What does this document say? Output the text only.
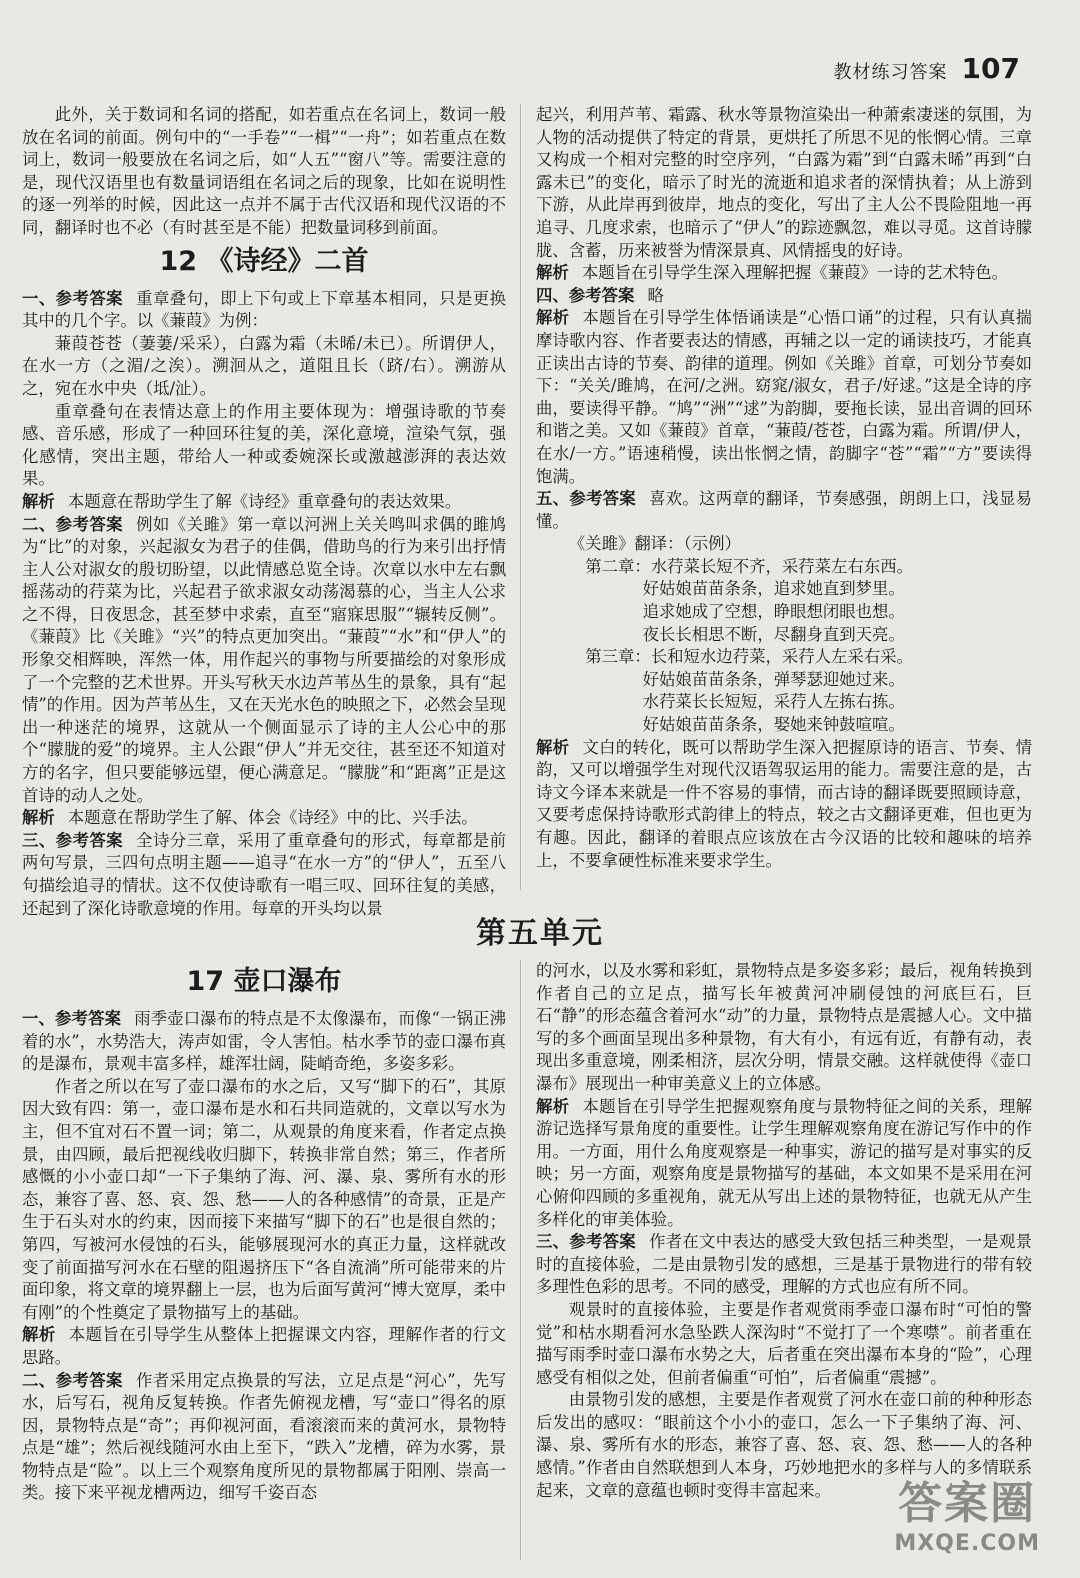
教材练习答案 107

此外，关于数词和名词的搭配，如若重点在名词上，数词一般放在名词的前面。例句中的“一手卷”“一楫”“一舟”；如若重点在数词上，数词一般要放在名词之后，如“人五”“窗八”等。需要注意的是，现代汉语里也有数量词语组在名词之后的现象，比如在说明性的逐一列举的时候，因此这一点并不属于古代汉语和现代汉语的不同，翻译时也不必（有时甚至是不能）把数量词移到前面。

12 《诗经》二首

一、参考答案 重章叠句，即上下句或上下章基本相同，只是更换其中的几个字。以《蒹葭》为例：

蒹葭苍苍（萋萋/采采），白露为霜（未晞/未已）。所谓伊人，在水一方（之湄/之涘）。溯洄从之，道阻且长（跻/右）。溯游从之，宛在水中央（坻/沚）。

重章叠句在表情达意上的作用主要体现为：增强诗歌的节奏感、音乐感，形成了一种回环往复的美，深化意境，渲染气氛，强化感情，突出主题，带给人一种或委婉深长或激越澎湃的表达效果。

解析 本题意在帮助学生了解《诗经》重章叠句的表达效果。

二、参考答案 例如《关雎》第一章以河洲上关关鸣叫求偶的雎鸠为“比”的对象，兴起淑女为君子的佳偶，借助鸟的行为来引出抒情主人公对淑女的殷切盼望，以此情感总览全诗。次章以水中左右飘摇荡动的荇菜为比，兴起君子欲求淑女动荡渴慕的心，当主人公求之不得，日夜思念，甚至梦中求索，直至“寤寐思服”“辗转反侧”。《蒹葭》比《关雎》“兴”的特点更加突出。“蒹葭”“水”和“伊人”的形象交相辉映，浑然一体，用作起兴的事物与所要描绘的对象形成了一个完整的艺术世界。开头写秋天水边芦苇丛生的景象，具有“起情”的作用。因为芦苇丛生，又在天光水色的映照之下，必然会呈现出一种迷茫的境界，这就从一个侧面显示了诗的主人公心中的那个“朦胧的爱”的境界。主人公跟“伊人”并无交往，甚至还不知道对方的名字，但只要能够远望，便心满意足。“朦胧”和“距离”正是这首诗的动人之处。

解析 本题意在帮助学生了解、体会《诗经》中的比、兴手法。

三、参考答案 全诗分三章，采用了重章叠句的形式，每章都是前两句写景，三四句点明主题——追寻“在水一方”的“伊人”，五至八句描绘追寻的情状。这不仅使诗歌有一唱三叹、回环往复的美感，还起到了深化诗歌意境的作用。每章的开头均以景

起兴，利用芦苇、霜露、秋水等景物渲染出一种萧索凄迷的氛围，为人物的活动提供了特定的背景，更烘托了所思不见的怅惘心情。三章又构成一个相对完整的时空序列，“白露为霜”到“白露未晞”再到“白露未已”的变化，暗示了时光的流逝和追求者的深情执着；从上游到下游，从此岸再到彼岸，地点的变化，写出了主人公不畏险阻地一再追寻、几度求索，也暗示了“伊人”的踪迹飘忽，难以寻觅。这首诗朦胧、含蓄，历来被誉为情深景真、风情摇曳的好诗。

解析 本题旨在引导学生深入理解把握《蒹葭》一诗的艺术特色。

四、参考答案 略

解析 本题旨在引导学生体悟诵读是“心悟口诵”的过程，只有认真揣摩诗歌内容、作者要表达的情感，再辅之以一定的诵读技巧，才能真正读出古诗的节奏、韵律的道理。例如《关雎》首章，可划分节奏如下：“关关/雎鸠，在河/之洲。窈窕/淑女，君子/好逑。”这是全诗的序曲，要读得平静。“鸠”“洲”“逑”为韵脚，要拖长读，显出音调的回环和谐之美。又如《蒹葭》首章，“蒹葭/苍苍，白露为霜。所谓/伊人，在水/一方。”语速稍慢，读出怅惘之情，韵脚字“苍”“霜”“方”要读得饱满。

五、参考答案 喜欢。这两章的翻译，节奏感强，朗朗上口，浅显易懂。

《关雎》翻译：（示例）

第二章：水荇菜长短不齐，采荇菜左右东西。

好姑娘苗苗条条，追求她直到梦里。

追求她成了空想，睁眼想闭眼也想。

夜长长相思不断，尽翻身直到天亮。

第三章：长和短水边荇菜，采荇人左采右采。

好姑娘苗苗条条，弹琴瑟迎她过来。

水荇菜长长短短，采荇人左拣右拣。

好姑娘苗苗条条，娶她来钟鼓喧喧。

解析 文白的转化，既可以帮助学生深入把握原诗的语言、节奏、情韵，又可以增强学生对现代汉语驾驭运用的能力。需要注意的是，古诗文今译本来就是一件不容易的事情，而古诗的翻译既要照顾诗意，又要考虑保持诗歌形式韵律上的特点，较之古文翻译更难，但也更为有趣。因此，翻译的着眼点应该放在古今汉语的比较和趣味的培养上，不要拿硬性标准来要求学生。

第五单元
17 壶口瀑布

一、参考答案 雨季壶口瀑布的特点是不太像瀑布，而像“一锅正沸着的水”，水势浩大，涛声如雷，令人害怕。枯水季节的壶口瀑布真的是瀑布，景观丰富多样，雄浑壮阔，陡峭奇绝，多姿多彩。

作者之所以在写了壶口瀑布的水之后，又写“脚下的石”，其原因大致有四：第一，壶口瀑布是水和石共同造就的，文章以写水为主，但不宜对石不置一词；第二，从观景的角度来看，作者定点换景，由四顾，最后把视线收归脚下，转换非常自然；第三，作者所感慨的小小壶口却“一下子集纳了海、河、瀑、泉、雾所有水的形态，兼容了喜、怒、哀、怨、愁——人的各种感情”的奇景，正是产生于石头对水的约束，因而接下来描写“脚下的石”也是很自然的；第四，写被河水侵蚀的石头，能够展现河水的真正力量，这样就改变了前面描写河水在石壁的阻遏挤压下“各自流淌”所可能带来的片面印象，将文章的境界翻上一层，也为后面写黄河“博大宽厚，柔中有刚”的个性奠定了景物描写上的基础。

解析 本题旨在引导学生从整体上把握课文内容，理解作者的行文思路。

二、参考答案 作者采用定点换景的写法，立足点是“河心”，先写水，后写石，视角反复转换。作者先俯视龙槽，写“壶口”得名的原因，景物特点是“奇”；再仰视河面，看滚滚而来的黄河水，景物特点是“雄”；然后视线随河水由上至下，“跌入”龙槽，碎为水雾，景物特点是“险”。以上三个观察角度所见的景物都属于阳刚、崇高一类。接下来平视龙槽两边，细写千姿百态

的河水，以及水雾和彩虹，景物特点是多姿多彩；最后，视角转换到作者自己的立足点，描写长年被黄河冲刷侵蚀的河底巨石，巨石“静”的形态蕴含着河水“动”的力量，景物特点是震撼人心。文中描写的多个画面呈现出多种景物，有大有小，有远有近，有静有动，表现出多重意境，刚柔相济，层次分明，情景交融。这样就使得《壶口瀑布》展现出一种审美意义上的立体感。

解析 本题旨在引导学生把握观察角度与景物特征之间的关系，理解游记选择写景角度的重要性。让学生理解观察角度在游记写作中的作用。一方面，用什么角度观察是一种事实，游记的描写是对事实的反映；另一方面，观察角度是景物描写的基础，本文如果不是采用在河心俯仰四顾的多重视角，就无从写出上述的景物特征，也就无从产生多样化的审美体验。

三、参考答案 作者在文中表达的感受大致包括三种类型，一是观景时的直接体验，二是由景物引发的感想，三是基于景物进行的带有较多理性色彩的思考。不同的感受，理解的方式也应有所不同。

观景时的直接体验，主要是作者观赏雨季壶口瀑布时“可怕的警觉”和枯水期看河水急坠跌人深沟时“不觉打了一个寒噤”。前者重在描写雨季时壶口瀑布水势之大，后者重在突出瀑布本身的“险”，心理感受有相似之处，但前者偏重“可怕”，后者偏重“震撼”。

由景物引发的感想，主要是作者观赏了河水在壶口前的种种形态后发出的感叹：“眼前这个小小的壶口，怎么一下子集纳了海、河、瀑、泉、雾所有水的形态，兼容了喜、怒、哀、怨、愁——人的各种感情。”作者由自然联想到人本身，巧妙地把水的多样与人的多情联系起来，文章的意蕴也顿时变得丰富起来。	答案圈
MXQE.COM
